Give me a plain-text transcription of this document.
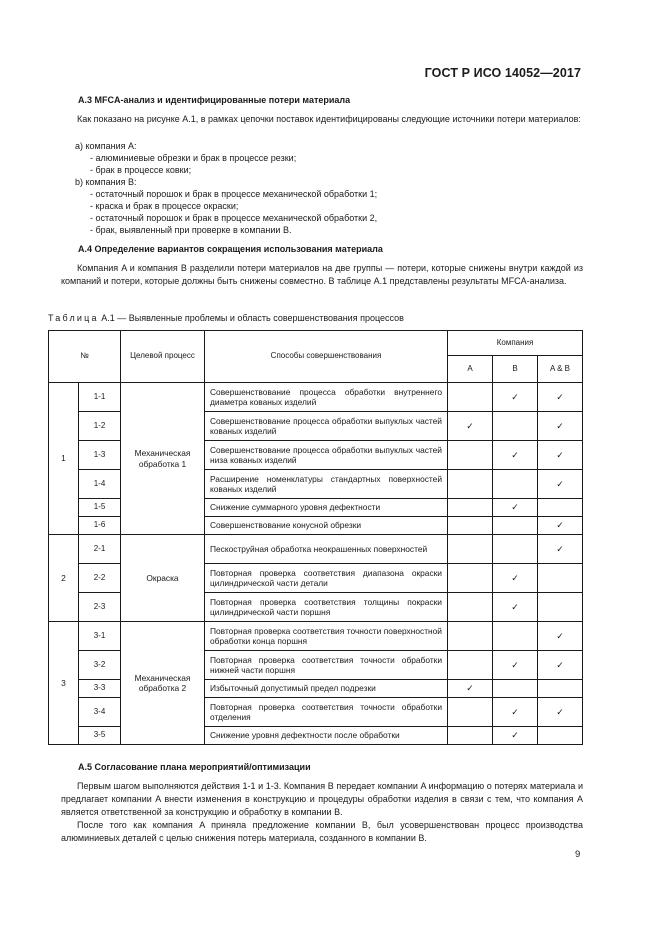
ГОСТ Р ИСО 14052—2017
A.3 MFCA-анализ и идентифицированные потери материала
Как показано на рисунке A.1, в рамках цепочки поставок идентифицированы следующие источники потери материалов:
a) компания A:
- алюминиевые обрезки и брак в процессе резки;
- брак в процессе ковки;
b) компания B:
- остаточный порошок и брак в процессе механической обработки 1;
- краска и брак в процессе окраски;
- остаточный порошок и брак в процессе механической обработки 2,
- брак, выявленный при проверке в компании B.
A.4 Определение вариантов сокращения использования материала
Компания A и компания B разделили потери материалов на две группы — потери, которые снижены внутри каждой из компаний и потери, которые должны быть снижены совместно. В таблице A.1 представлены результаты MFCA-анализа.
Таблица A.1 — Выявленные проблемы и область совершенствования процессов
№		Целевой процесс	Способы совершенствования	Компания		
				A	B	A & B
1	1-1	Механическая обработка 1	Совершенствование процесса обработки внутреннего диаметра кованых изделий		✓	✓
	1-2		Совершенствование процесса обработки выпуклых частей кованых изделий	✓		✓
	1-3		Совершенствование процесса обработки выпуклых частей низа кованых изделий		✓	✓
	1-4		Расширение номенклатуры стандартных поверхностей кованых изделий			✓
	1-5		Снижение суммарного уровня дефектности		✓	
	1-6		Совершенствование конусной обрезки			✓
2	2-1	Окраска	Пескоструйная обработка неокрашенных поверхностей			✓
	2-2		Повторная проверка соответствия диапазона окраски цилиндрической части детали		✓	
	2-3		Повторная проверка соответствия толщины покраски цилиндрической части поршня		✓	
3	3-1	Механическая обработка 2	Повторная проверка соответствия точности поверхностной обработки конца поршня			✓
	3-2		Повторная проверка соответствия точности обработки нижней части поршня		✓	✓
	3-3		Избыточный допустимый предел подрезки	✓		
	3-4		Повторная проверка соответствия точности обработки отделения		✓	✓
	3-5		Снижение уровня дефектности после обработки		✓	
A.5 Согласование плана мероприятий/оптимизации
Первым шагом выполняются действия 1-1 и 1-3. Компания B передает компании A информацию о потерях материала и предлагает компании A внести изменения в конструкцию и процедуры обработки изделия в связи с тем, что компания A является ответственной за конструкцию и обработку в компании B.
После того как компания A приняла предложение компании B, был усовершенствован процесс производства алюминиевых деталей с целью снижения потерь материала, созданного в компании B.
9
